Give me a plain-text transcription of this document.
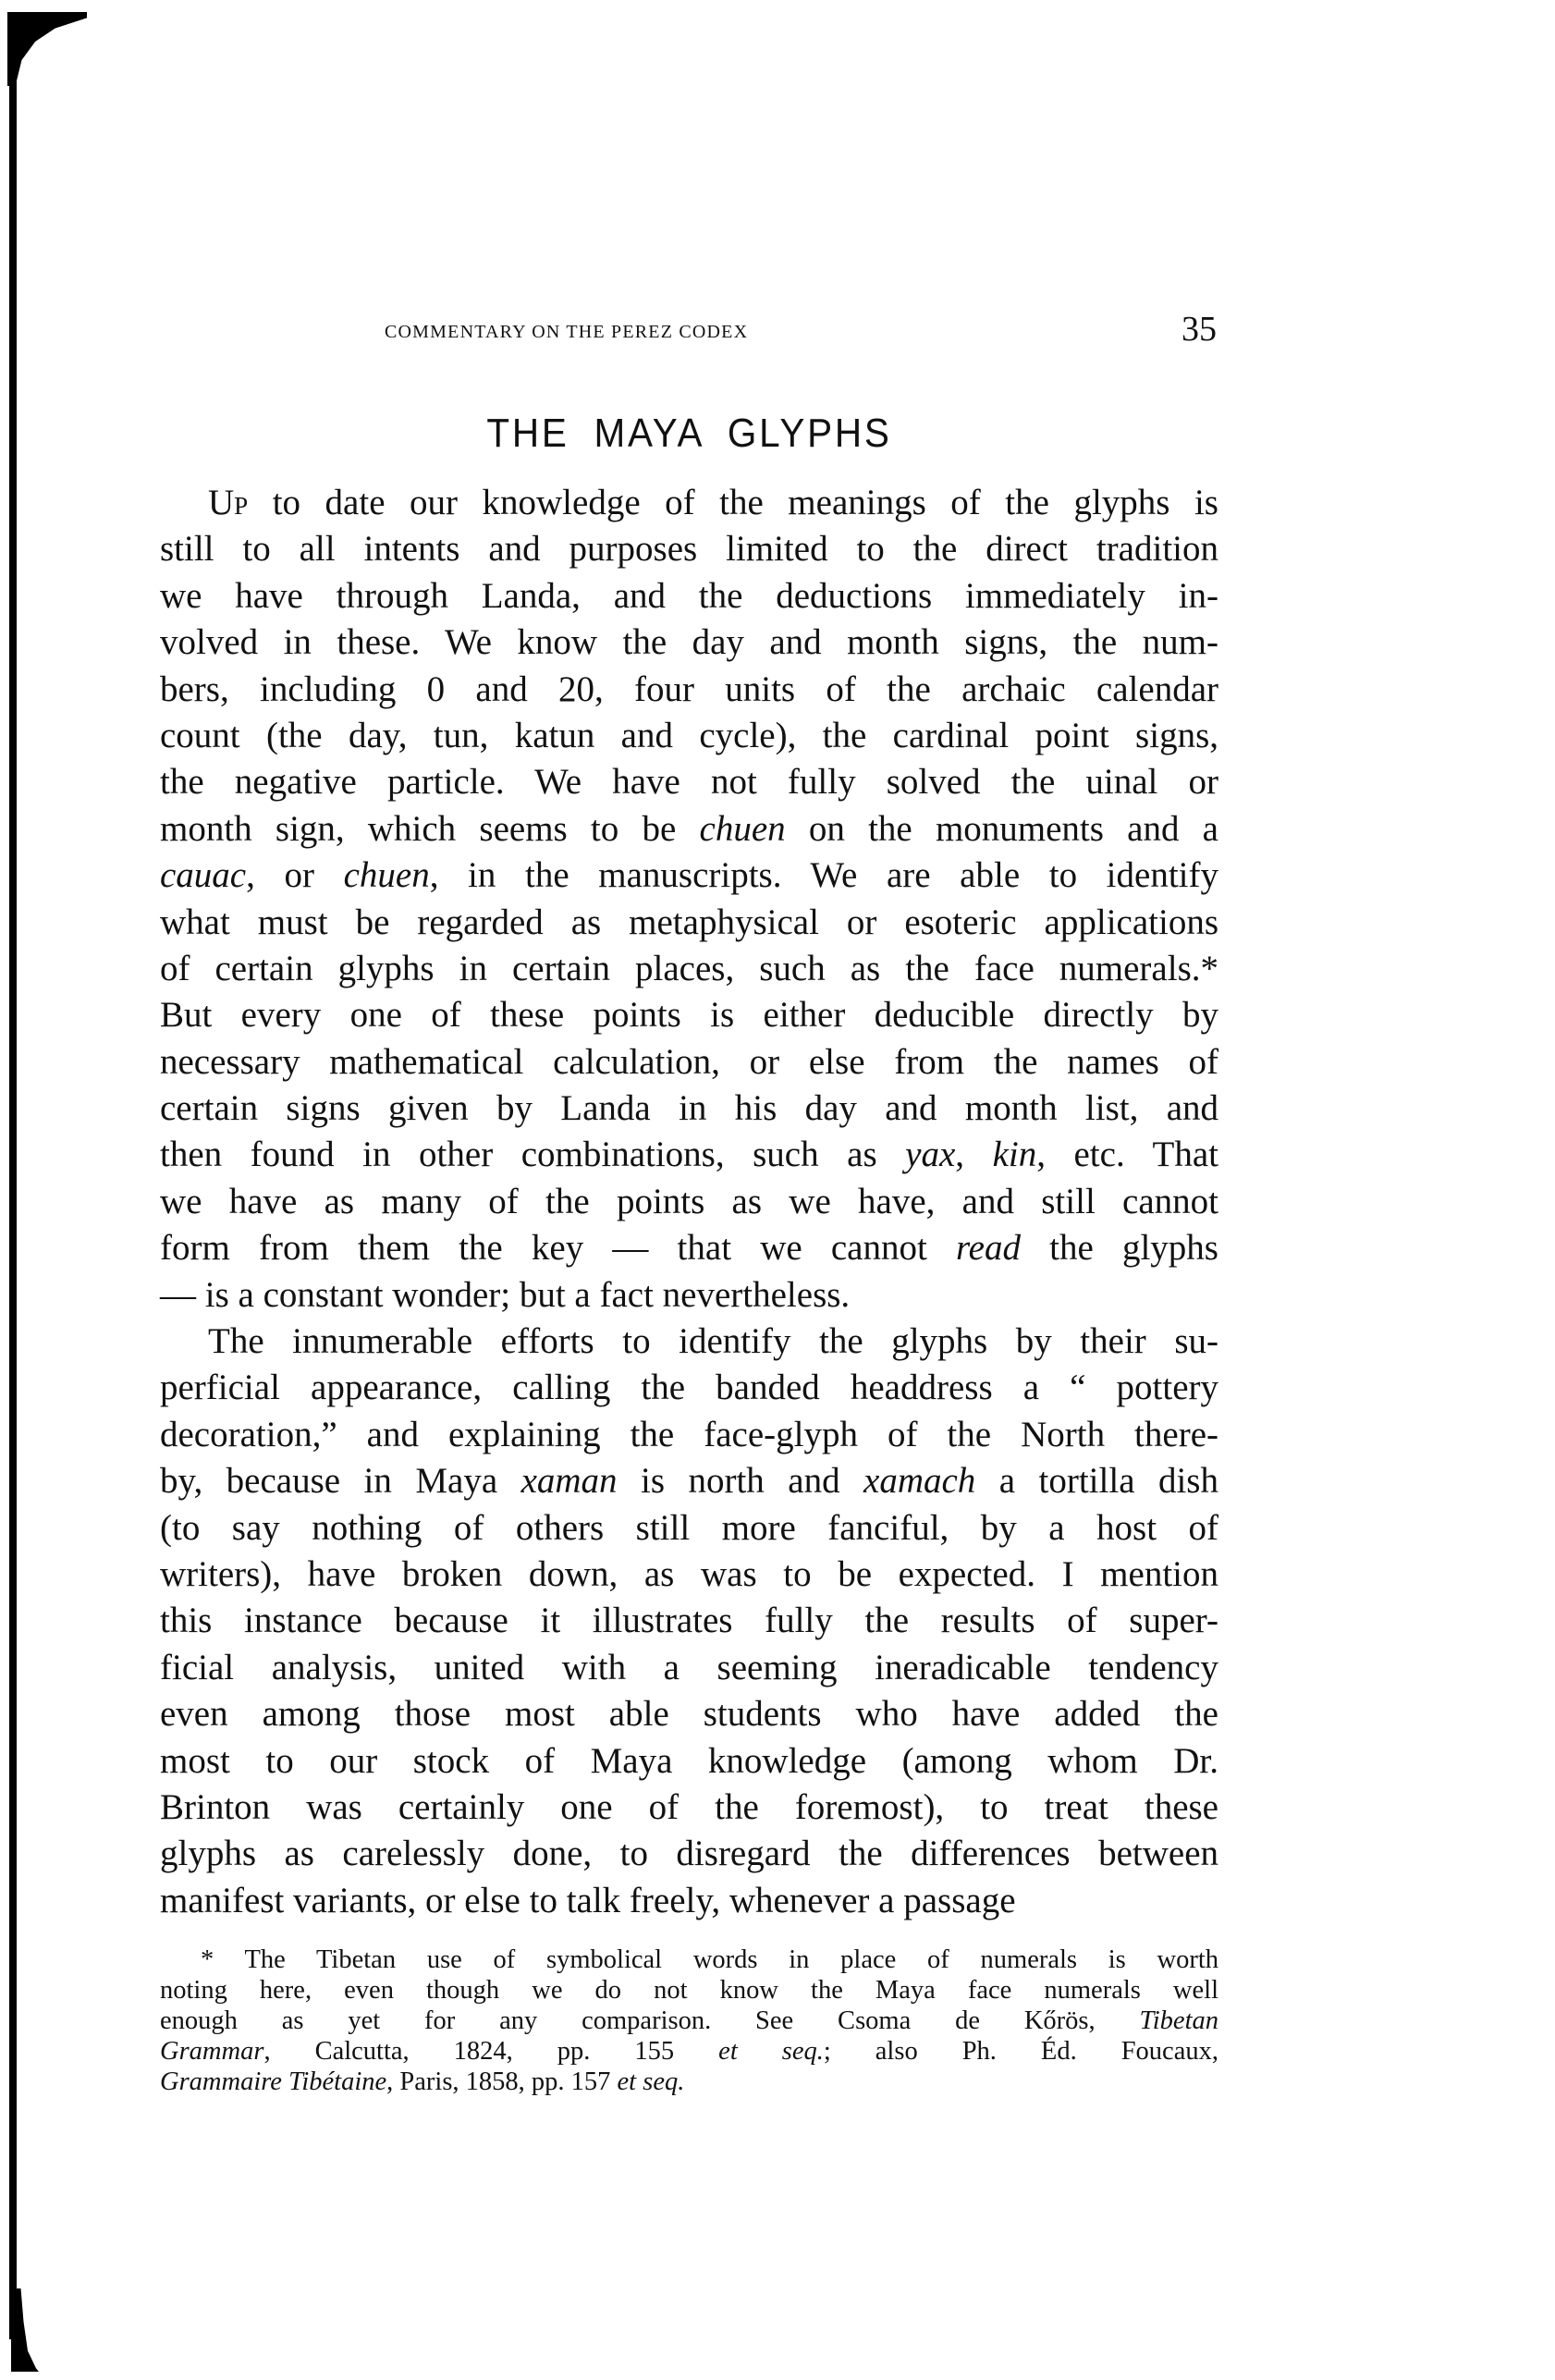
COMMENTARY ON THE PEREZ CODEX	35
THE MAYA GLYPHS
Up to date our knowledge of the meanings of the glyphs is
still to all intents and purposes limited to the direct tradition
we have through Landa, and the deductions immediately in-
volved in these. We know the day and month signs, the num-
bers, including 0 and 20, four units of the archaic calendar
count (the day, tun, katun and cycle), the cardinal point signs,
the negative particle. We have not fully solved the uinal or
month sign, which seems to be chuen on the monuments and a
cauac, or chuen, in the manuscripts. We are able to identify
what must be regarded as metaphysical or esoteric applications
of certain glyphs in certain places, such as the face numerals.*
But every one of these points is either deducible directly by
necessary mathematical calculation, or else from the names of
certain signs given by Landa in his day and month list, and
then found in other combinations, such as yax, kin, etc. That
we have as many of the points as we have, and still cannot
form from them the key — that we cannot read the glyphs
— is a constant wonder; but a fact nevertheless.
The innumerable efforts to identify the glyphs by their su-
perficial appearance, calling the banded headdress a “ pottery
decoration,” and explaining the face-glyph of the North there-
by, because in Maya xaman is north and xamach a tortilla dish
(to say nothing of others still more fanciful, by a host of
writers), have broken down, as was to be expected. I mention
this instance because it illustrates fully the results of super-
ficial analysis, united with a seeming ineradicable tendency
even among those most able students who have added the
most to our stock of Maya knowledge (among whom Dr.
Brinton was certainly one of the foremost), to treat these
glyphs as carelessly done, to disregard the differences between
manifest variants, or else to talk freely, whenever a passage
* The Tibetan use of symbolical words in place of numerals is worth
noting here, even though we do not know the Maya face numerals well
enough as yet for any comparison. See Csoma de Kőrös, Tibetan
Grammar, Calcutta, 1824, pp. 155 et seq.; also Ph. Éd. Foucaux,
Grammaire Tibétaine, Paris, 1858, pp. 157 et seq.
